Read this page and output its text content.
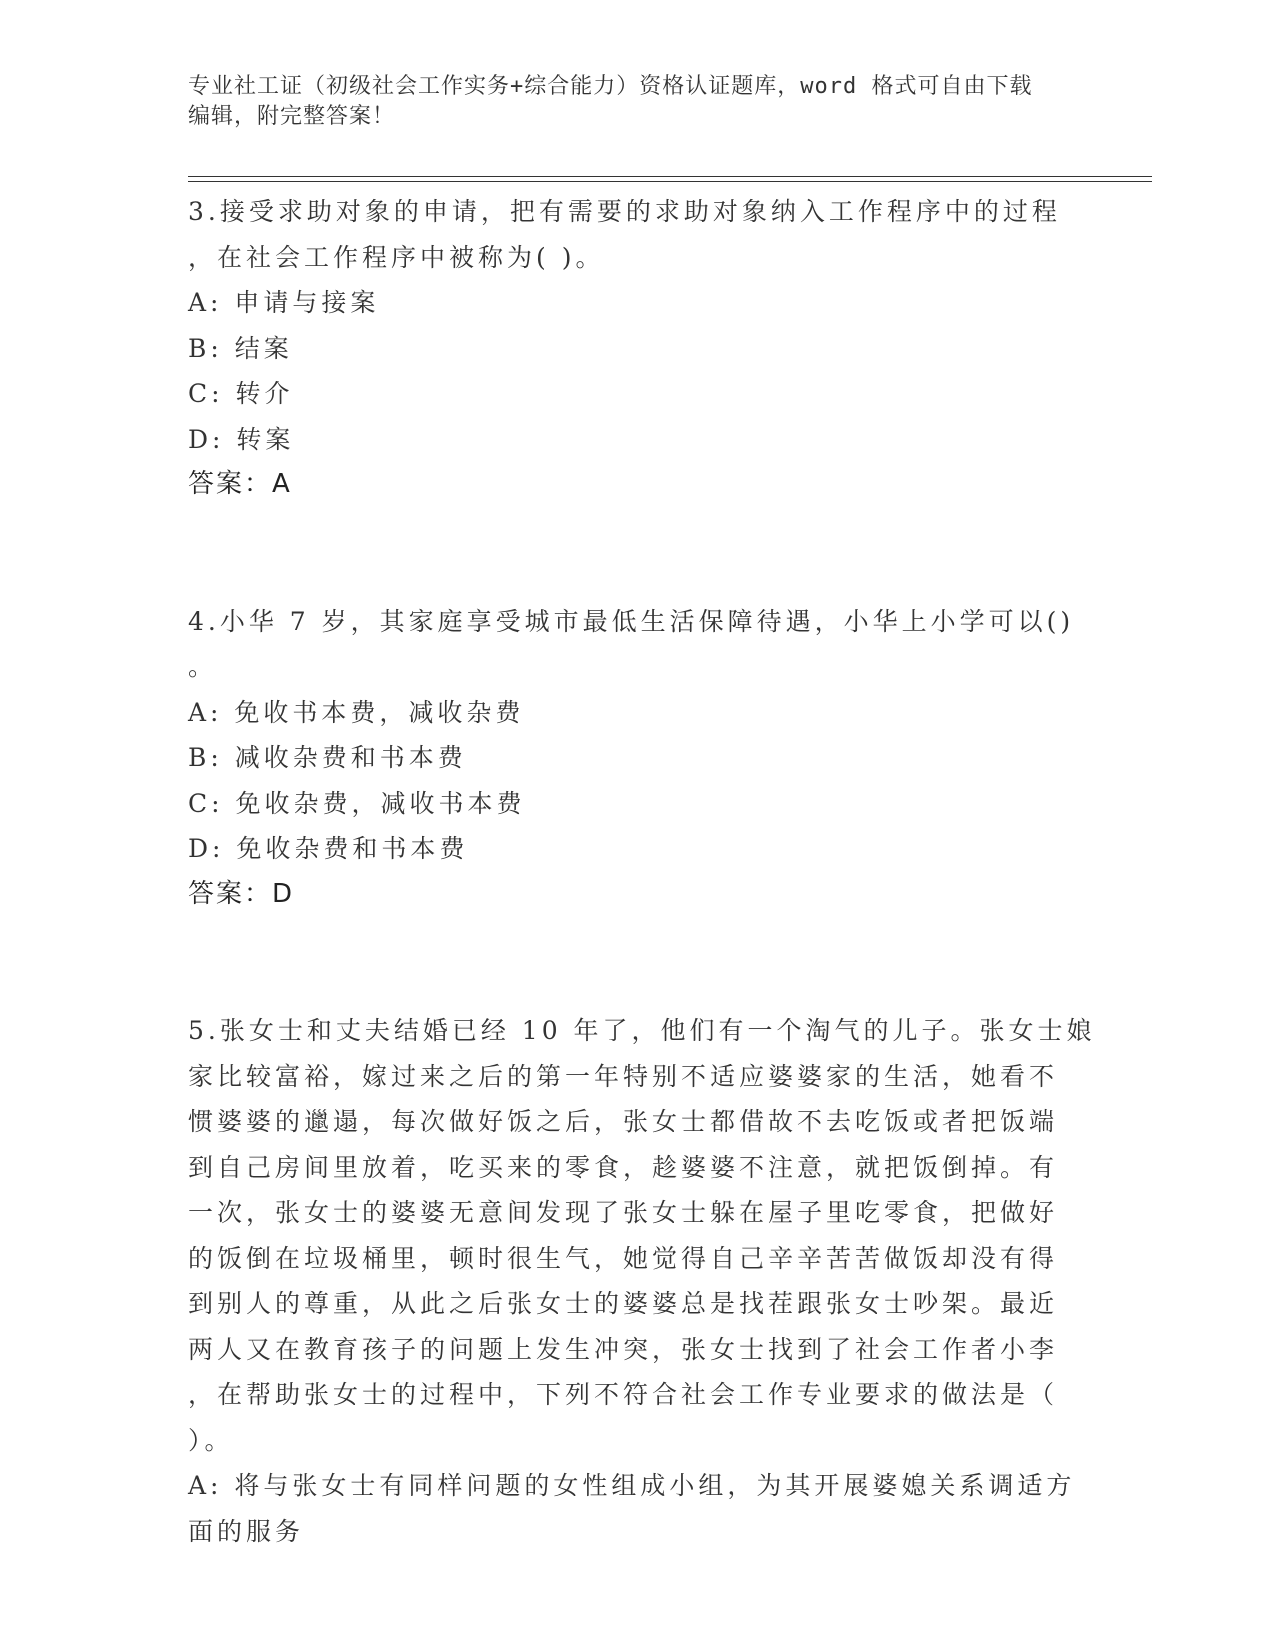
专业社工证（初级社会工作实务+综合能力）资格认证题库，word 格式可自由下载
编辑，附完整答案！
3.接受求助对象的申请，把有需要的求助对象纳入工作程序中的过程
，在社会工作程序中被称为( )。
A: 申请与接案
B: 结案
C: 转介
D: 转案
答案：A
4.小华 7 岁，其家庭享受城市最低生活保障待遇，小华上小学可以()
。
A: 免收书本费，减收杂费
B: 减收杂费和书本费
C: 免收杂费，减收书本费
D: 免收杂费和书本费
答案：D
5.张女士和丈夫结婚已经 10 年了，他们有一个淘气的儿子。张女士娘
家比较富裕，嫁过来之后的第一年特别不适应婆婆家的生活，她看不
惯婆婆的邋遢，每次做好饭之后，张女士都借故不去吃饭或者把饭端
到自己房间里放着，吃买来的零食，趁婆婆不注意，就把饭倒掉。有
一次，张女士的婆婆无意间发现了张女士躲在屋子里吃零食，把做好
的饭倒在垃圾桶里，顿时很生气，她觉得自己辛辛苦苦做饭却没有得
到别人的尊重，从此之后张女士的婆婆总是找茬跟张女士吵架。最近
两人又在教育孩子的问题上发生冲突，张女士找到了社会工作者小李
，在帮助张女士的过程中，下列不符合社会工作专业要求的做法是（
）。
A: 将与张女士有同样问题的女性组成小组，为其开展婆媳关系调适方
面的服务
